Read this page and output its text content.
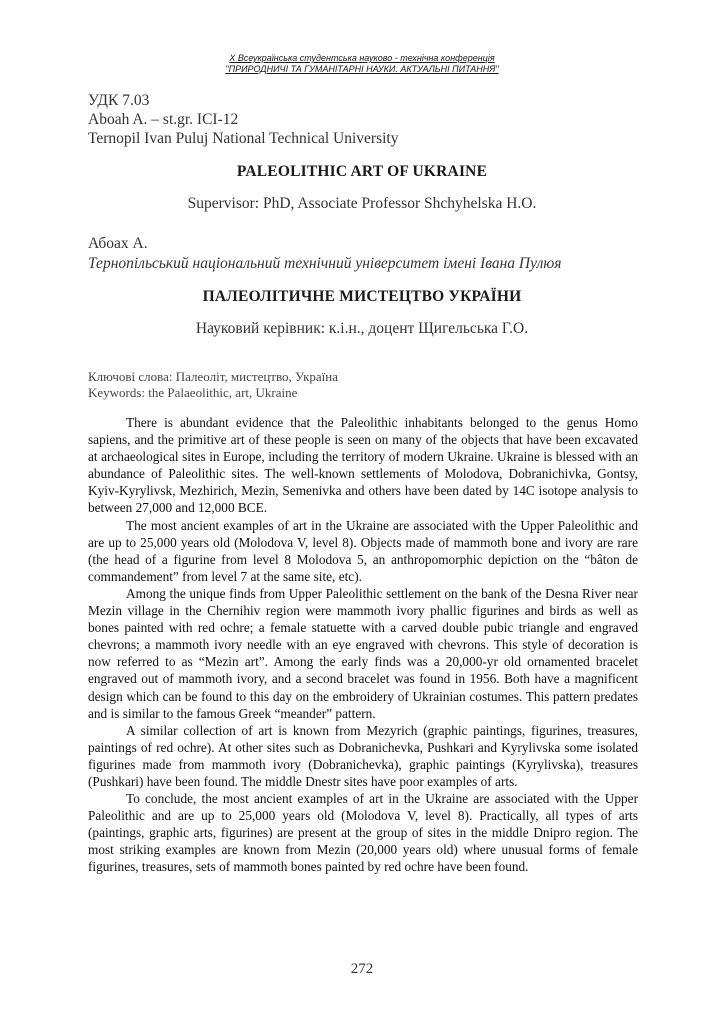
X Всеукраїнська студентська науково - технічна конференція
"ПРИРОДНИЧІ ТА ГУМАНІТАРНІ НАУКИ. АКТУАЛЬНІ ПИТАННЯ"
УДК 7.03
Aboah A. – st.gr. ICI-12
Ternopil Ivan Puluj National Technical University
PALEOLITHIC ART OF UKRAINE
Supervisor: PhD, Associate Professor Shchyhelska H.O.
Абоах А.
Тернопільський національний технічний університет імені Івана Пулюя
ПАЛЕОЛІТИЧНЕ МИСТЕЦТВО УКРАЇНИ
Науковий керівник: к.і.н., доцент Щигельська Г.О.
Ключові слова: Палеоліт, мистецтво, Україна
Keywords: the Palaeolithic, art, Ukraine

There is abundant evidence that the Paleolithic inhabitants belonged to the genus Homo sapiens, and the primitive art of these people is seen on many of the objects that have been excavated at archaeological sites in Europe, including the territory of modern Ukraine. Ukraine is blessed with an abundance of Paleolithic sites. The well-known settlements of Molodova, Dobranichivka, Gontsy, Kyiv-Kyrylivsk, Mezhirich, Mezin, Semenivka and others have been dated by 14C isotope analysis to between 27,000 and 12,000 BCE.

The most ancient examples of art in the Ukraine are associated with the Upper Paleolithic and are up to 25,000 years old (Molodova V, level 8). Objects made of mammoth bone and ivory are rare (the head of a figurine from level 8 Molodova 5, an anthropomorphic depiction on the “bâton de commandement” from level 7 at the same site, etc).

Among the unique finds from Upper Paleolithic settlement on the bank of the Desna River near Mezin village in the Chernihiv region were mammoth ivory phallic figurines and birds as well as bones painted with red ochre; a female statuette with a carved double pubic triangle and engraved chevrons; a mammoth ivory needle with an eye engraved with chevrons. This style of decoration is now referred to as “Mezin art”. Among the early finds was a 20,000-yr old ornamented bracelet engraved out of mammoth ivory, and a second bracelet was found in 1956. Both have a magnificent design which can be found to this day on the embroidery of Ukrainian costumes. This pattern predates and is similar to the famous Greek “meander” pattern.

A similar collection of art is known from Mezyrich (graphic paintings, figurines, treasures, paintings of red ochre). At other sites such as Dobranichevka, Pushkari and Kyrylivska some isolated figurines made from mammoth ivory (Dobranichevka), graphic paintings (Kyrylivska), treasures (Pushkari) have been found. The middle Dnestr sites have poor examples of arts.

To conclude, the most ancient examples of art in the Ukraine are associated with the Upper Paleolithic and are up to 25,000 years old (Molodova V, level 8). Practically, all types of arts (paintings, graphic arts, figurines) are present at the group of sites in the middle Dnipro region. The most striking examples are known from Mezin (20,000 years old) where unusual forms of female figurines, treasures, sets of mammoth bones painted by red ochre have been found.

272
